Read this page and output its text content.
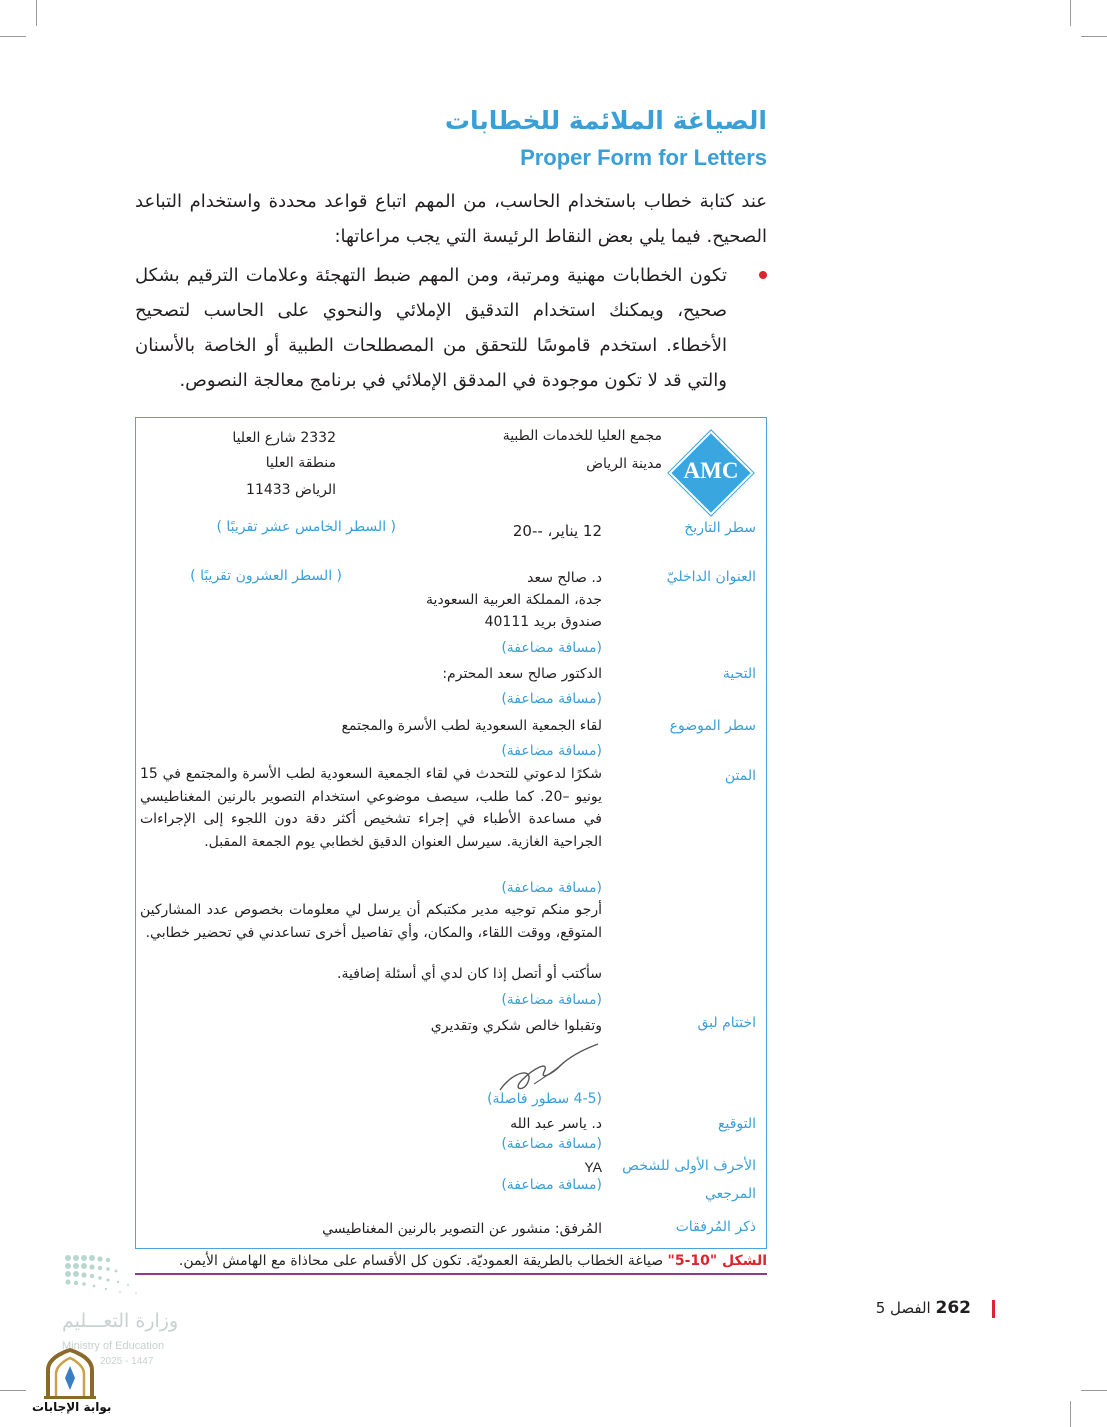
الصياغة الملائمة للخطابات
Proper Form for Letters
عند كتابة خطاب باستخدام الحاسب، من المهم اتباع قواعد محددة واستخدام التباعد الصحيح. فيما يلي بعض النقاط الرئيسة التي يجب مراعاتها:
تكون الخطابات مهنية ومرتبة، ومن المهم ضبط التهجئة وعلامات الترقيم بشكل صحيح، ويمكنك استخدام التدقيق الإملائي والنحوي على الحاسب لتصحيح الأخطاء. استخدم قاموسًا للتحقق من المصطلحات الطبية أو الخاصة بالأسنان والتي قد لا تكون موجودة في المدقق الإملائي في برنامج معالجة النصوص.
AMC
مجمع العليا للخدمات الطبية
مدينة الرياض
2332 شارع العليا
منطقة العليا
الرياض 11433
سطر التاريخ
العنوان الداخليّ
التحية
سطر الموضوع
المتن
اختتام لبق
التوقيع
الأحرف الأولى للشخص
المرجعي
ذكر المُرفقات
12 يناير، --20
( السطر الخامس عشر تقريبًا )
د. صالح سعد
( السطر العشرون تقريبًا )
جدة، المملكة العربية السعودية
صندوق بريد 40111
(مسافة مضاعفة)
الدكتور صالح سعد المحترم:
(مسافة مضاعفة)
لقاء الجمعية السعودية لطب الأسرة والمجتمع
(مسافة مضاعفة)
شكرًا لدعوتي للتحدث في لقاء الجمعية السعودية لطب الأسرة والمجتمع في 15 يونيو –20. كما طلب، سيصف موضوعي استخدام التصوير بالرنين المغناطيسي في مساعدة الأطباء في إجراء تشخيص أكثر دقة دون اللجوء إلى الإجراءات الجراحية الغازية. سيرسل العنوان الدقيق لخطابي يوم الجمعة المقبل.
(مسافة مضاعفة)
أرجو منكم توجيه مدير مكتبكم أن يرسل لي معلومات بخصوص عدد المشاركين المتوقع، ووقت اللقاء، والمكان، وأي تفاصيل أخرى تساعدني في تحضير خطابي.
سأكتب أو أتصل إذا كان لدي أي أسئلة إضافية.
(مسافة مضاعفة)
وتقبلوا خالص شكري وتقديري
(4-5 سطور فاصلة)
د. ياسر عبد الله
(مسافة مضاعفة)
YA
(مسافة مضاعفة)
المُرفق: منشور عن التصوير بالرنين المغناطيسي
الشكل "10-5" صياغة الخطاب بالطريقة العموديّة. تكون كل الأقسام على محاذاة مع الهامش الأيمن.
262 الفصل 5
وزارة التعـــليم
Ministry of Education
2025 - 1447
بوابة الإجابات
